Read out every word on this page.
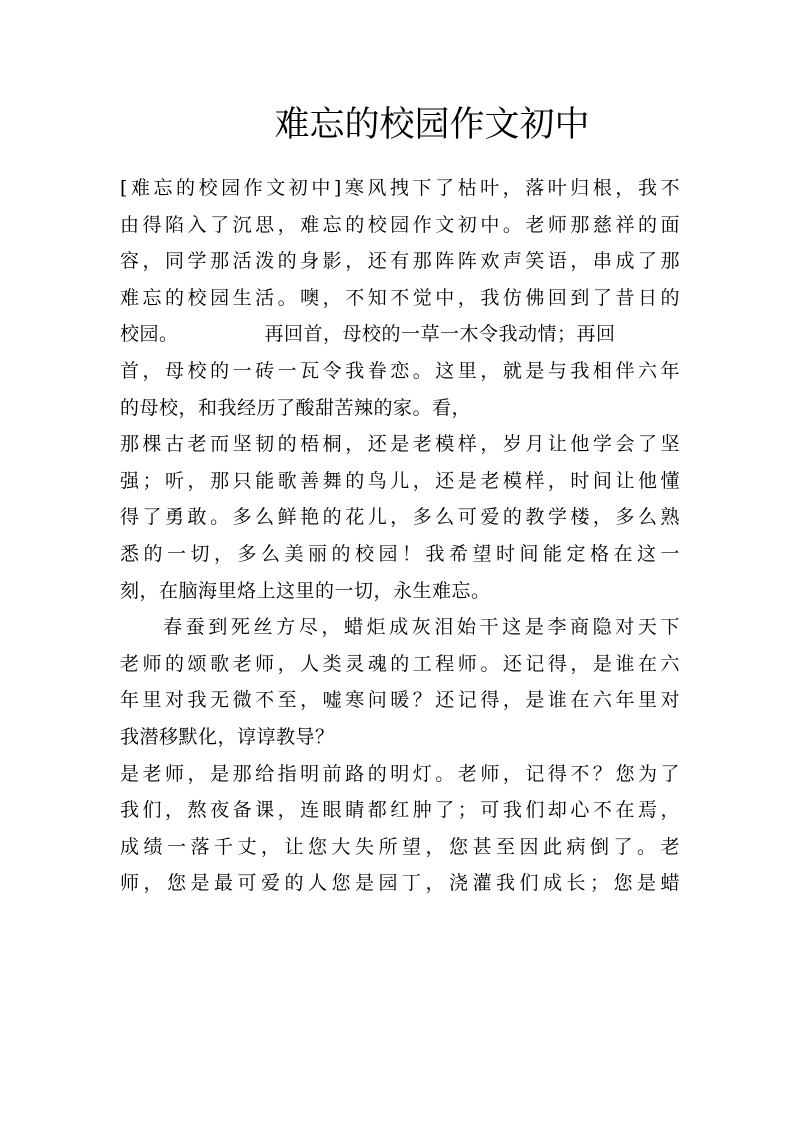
难忘的校园作文初中
[难忘的校园作文初中]寒风拽下了枯叶，落叶归根，我不
由得陷入了沉思，难忘的校园作文初中。老师那慈祥的面
容，同学那活泼的身影，还有那阵阵欢声笑语，串成了那
难忘的校园生活。噢，不知不觉中，我仿佛回到了昔日的
校园。	再回首，母校的一草一木令我动情；再回
首，母校的一砖一瓦令我眷恋。这里，就是与我相伴六年
的母校，和我经历了酸甜苦辣的家。看，
那棵古老而坚韧的梧桐，还是老模样，岁月让他学会了坚
强；听，那只能歌善舞的鸟儿，还是老模样，时间让他懂
得了勇敢。多么鲜艳的花儿，多么可爱的教学楼，多么熟
悉的一切，多么美丽的校园！我希望时间能定格在这一
刻，在脑海里烙上这里的一切，永生难忘。
春蚕到死丝方尽，蜡炬成灰泪始干这是李商隐对天下
老师的颂歌老师，人类灵魂的工程师。还记得，是谁在六
年里对我无微不至，嘘寒问暖？还记得，是谁在六年里对
我潜移默化，谆谆教导？
是老师，是那给指明前路的明灯。老师，记得不？您为了
我们，熬夜备课，连眼睛都红肿了；可我们却心不在焉，
成绩一落千丈，让您大失所望，您甚至因此病倒了。老
师，您是最可爱的人您是园丁，浇灌我们成长；您是蜡
